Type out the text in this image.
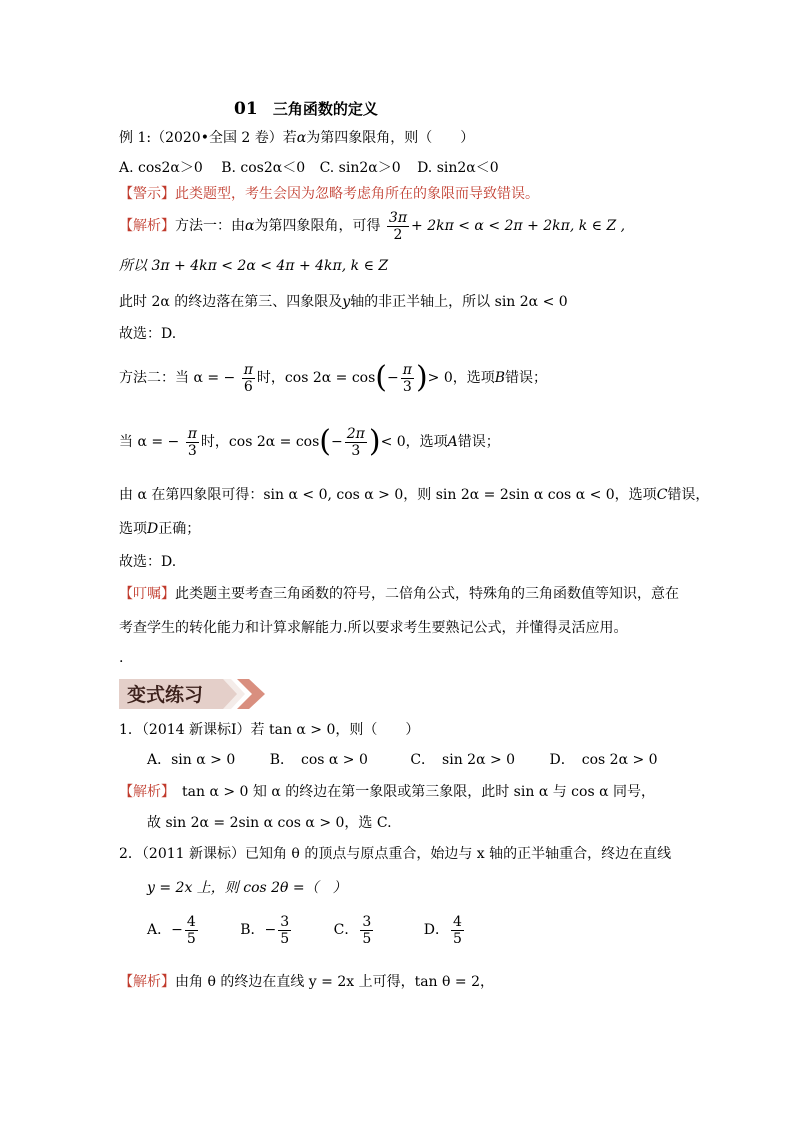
01 三角函数的定义
例 1:（2020•全国 2 卷）若α为第四象限角，则（　　）
A. cos2α＞0 B. cos2α＜0 C. sin2α＞0 D. sin2α＜0
【警示】此类题型，考生会因为忽略考虑角所在的象限而导致错误。
【解析】方法一：由α为第四象限角，可得 $\frac{3\pi}{2} + 2k\pi < \alpha < 2\pi + 2k\pi$, k ∈ Z ,
所以 3π + 4kπ < 2α < 4π + 4kπ, k ∈ Z
此时 2α 的终边落在第三、四象限及y轴的非正半轴上，所以 sin 2α < 0
故选：D.
方法二：当 α = − $\frac{\pi}{6}$ 时，$\cos 2\alpha = \cos(- \frac{\pi}{3}$ )> 0，选项B错误；
当 α = − $\frac{\pi}{3}$ 时，$\cos 2\alpha = \cos(- \frac{2\pi}{3}$ )< 0，选项A错误；
由 α 在第四象限可得：sin α < 0, cos α > 0，则 sin 2α = 2sin α cos α < 0，选项C错误，
选项D正确；
故选：D.
【叮嘱】此类题主要考查三角函数的符号，二倍角公式，特殊角的三角函数值等知识，意在
考查学生的转化能力和计算求解能力.所以要求考生要熟记公式，并懂得灵活应用。
.
变式练习
1．（2014 新课标Ⅰ）若 tan α > 0，则（　　）
A．sin α > 0 B．　cos α > 0	C．　sin 2α > 0 D．　cos 2α > 0
【解析】　tan α > 0 知 α 的终边在第一象限或第三象限，此时 sin α 与 cos α 同号，
故 sin 2α = 2sin α cos α > 0，选 C.
2．（2011 新课标）已知角 θ 的顶点与原点重合，始边与 x 轴的正半轴重合，终边在直线
y = 2x 上，则 cos 2θ =（　）
A．− $\frac{4}{5}$	B．− $\frac{3}{5}$	C． $\frac{3}{5}$	D． $\frac{4}{5}$
【解析】由角 θ 的终边在直线 y = 2x 上可得，tan θ = 2，
